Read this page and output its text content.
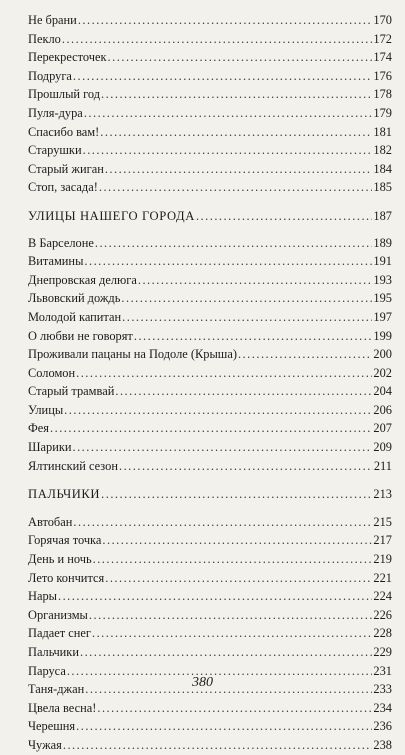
Не брани .....	170
Пекло .....	172
Перекресточек .....	174
Подруга .....	176
Прошлый год .....	178
Пуля-дура .....	179
Спасибо вам! .....	181
Старушки .....	182
Старый жиган .....	184
Стоп, засада! .....	185
УЛИЦЫ НАШЕГО ГОРОДА .....	187
В Барселоне .....	189
Витамины .....	191
Днепровская делюга .....	193
Львовский дождь .....	195
Молодой капитан .....	197
О любви не говорят .....	199
Проживали пацаны на Подоле (Крыша) .....	200
Соломон .....	202
Старый трамвай .....	204
Улицы .....	206
Фея .....	207
Шарики .....	209
Ялтинский сезон .....	211
ПАЛЬЧИКИ .....	213
Автобан .....	215
Горячая точка .....	217
День и ночь .....	219
Лето кончится .....	221
Нары .....	224
Организмы .....	226
Падает снег .....	228
Пальчики .....	229
Паруса .....	231
Таня-джан .....	233
Цвела весна! .....	234
Черешня .....	236
Чужая .....	238
380
